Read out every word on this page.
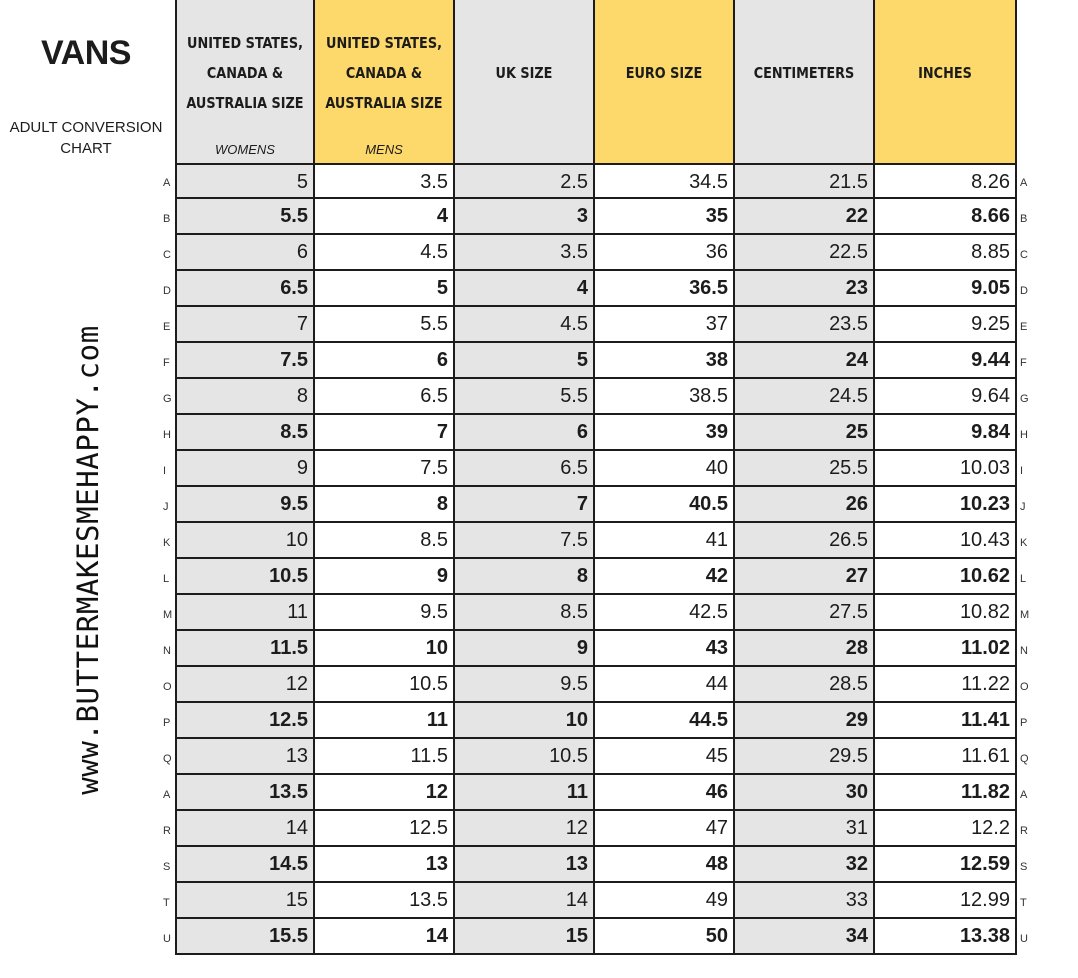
VANS
ADULT CONVERSION
CHART
www.BUTTERMAKESMEHAPPY.com
UNITED STATES, CANADA & AUSTRALIA SIZE
WOMENS
UNITED STATES, CANADA & AUSTRALIA SIZE
MENS
UK SIZE	EURO SIZE	CENTIMETERS	INCHES
5	3.5	2.5	34.5	21.5	8.26
5.5	4	3	35	22	8.66
6	4.5	3.5	36	22.5	8.85
6.5	5	4	36.5	23	9.05
7	5.5	4.5	37	23.5	9.25
7.5	6	5	38	24	9.44
8	6.5	5.5	38.5	24.5	9.64
8.5	7	6	39	25	9.84
9	7.5	6.5	40	25.5	10.03
9.5	8	7	40.5	26	10.23
10	8.5	7.5	41	26.5	10.43
10.5	9	8	42	27	10.62
11	9.5	8.5	42.5	27.5	10.82
11.5	10	9	43	28	11.02
12	10.5	9.5	44	28.5	11.22
12.5	11	10	44.5	29	11.41
13	11.5	10.5	45	29.5	11.61
13.5	12	11	46	30	11.82
14	12.5	12	47	31	12.2
14.5	13	13	48	32	12.59
15	13.5	14	49	33	12.99
15.5	14	15	50	34	13.38
A	A
B	B
C	C
D	D
E	E
F	F
G	G
H	H
I	I
J	J
K	K
L	L
M	M
N	N
O	O
P	P
Q	Q
A	A
R	R
S	S
T	T
U	U
